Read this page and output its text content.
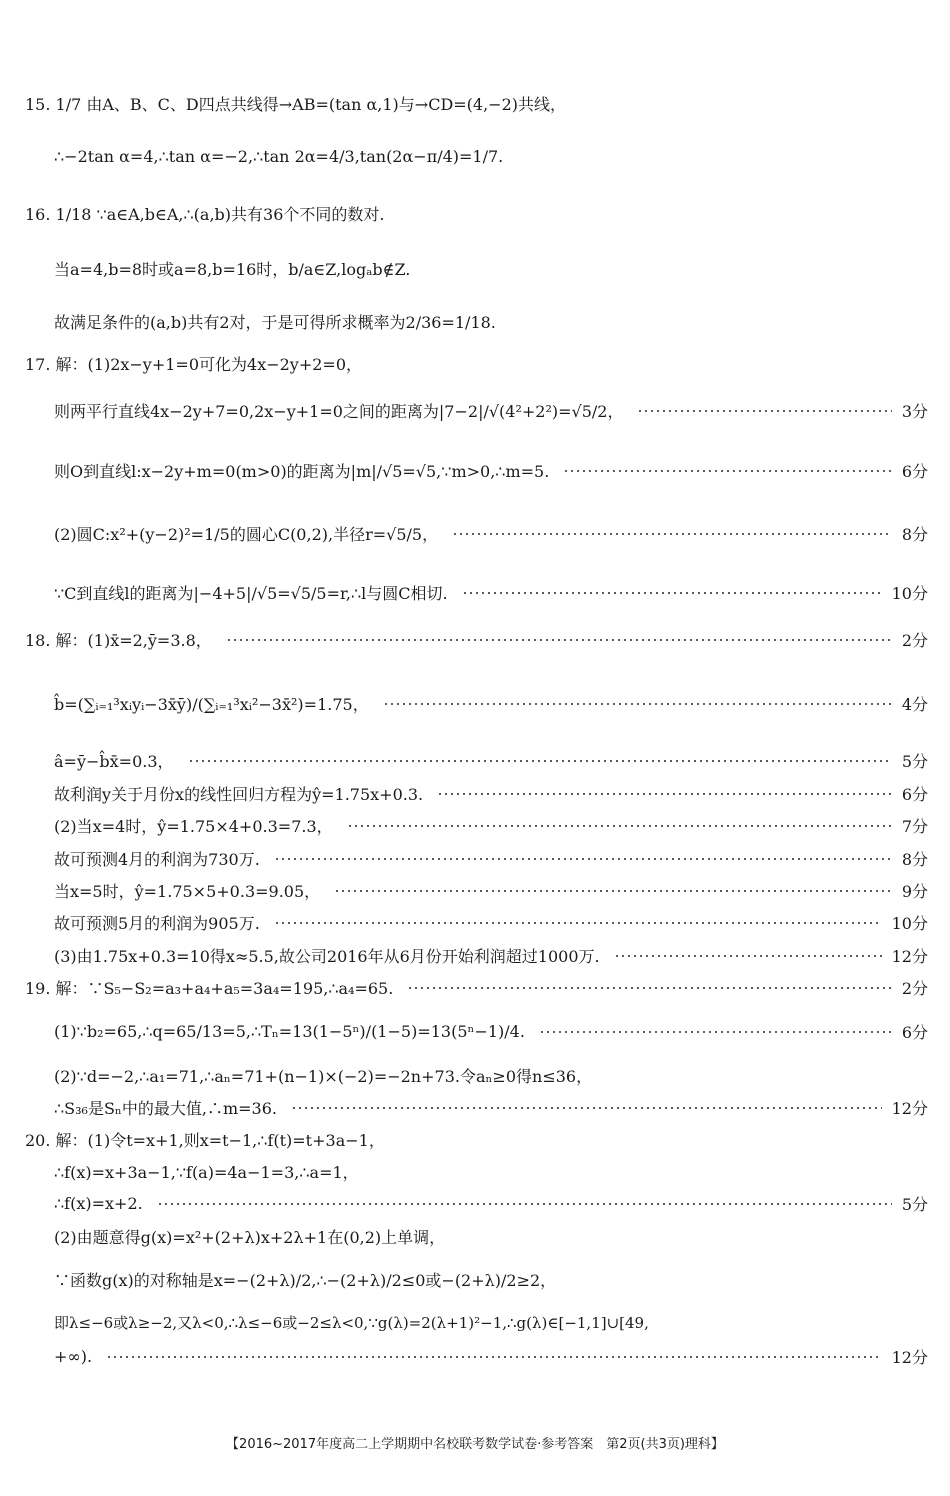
15. 1/7 由A、B、C、D四点共线得→AB=(tan α,1)与→CD=(4,−2)共线，
∴−2tan α=4,∴tan α=−2,∴tan 2α=4/3,tan(2α−π/4)=1/7.
16. 1/18 ∵a∈A,b∈A,∴(a,b)共有36个不同的数对.
当a=4,b=8时或a=8,b=16时，b/a∈Z,logₐb∉Z.
故满足条件的(a,b)共有2对，于是可得所求概率为2/36=1/18.
17. 解：(1)2x−y+1=0可化为4x−2y+2=0，
则两平行直线4x−2y+7=0,2x−y+1=0之间的距离为|7−2|/√(4²+2²)=√5/2，	3分
则O到直线l:x−2y+m=0(m>0)的距离为|m|/√5=√5,∵m>0,∴m=5.	6分
(2)圆C:x²+(y−2)²=1/5的圆心C(0,2),半径r=√5/5，	8分
∵C到直线l的距离为|−4+5|/√5=√5/5=r,∴l与圆C相切.	10分
18. 解：(1)x̄=2,ȳ=3.8，	2分
b̂=(∑ᵢ₌₁³xᵢyᵢ−3x̄ȳ)/(∑ᵢ₌₁³xᵢ²−3x̄²)=1.75，	4分
â=ȳ−b̂x̄=0.3，	5分
故利润y关于月份x的线性回归方程为ŷ=1.75x+0.3.	6分
(2)当x=4时，ŷ=1.75×4+0.3=7.3，	7分
故可预测4月的利润为730万.	8分
当x=5时，ŷ=1.75×5+0.3=9.05，	9分
故可预测5月的利润为905万.	10分
(3)由1.75x+0.3=10得x≈5.5,故公司2016年从6月份开始利润超过1000万.	12分
19. 解：∵S₅−S₂=a₃+a₄+a₅=3a₄=195,∴a₄=65.	2分
(1)∵b₂=65,∴q=65/13=5,∴Tₙ=13(1−5ⁿ)/(1−5)=13(5ⁿ−1)/4.	6分
(2)∵d=−2,∴a₁=71,∴aₙ=71+(n−1)×(−2)=−2n+73.令aₙ≥0得n≤36，
∴S₃₆是Sₙ中的最大值,∴m=36.	12分
20. 解：(1)令t=x+1,则x=t−1,∴f(t)=t+3a−1，
∴f(x)=x+3a−1,∵f(a)=4a−1=3,∴a=1，
∴f(x)=x+2.	5分
(2)由题意得g(x)=x²+(2+λ)x+2λ+1在(0,2)上单调，
∵函数g(x)的对称轴是x=−(2+λ)/2,∴−(2+λ)/2≤0或−(2+λ)/2≥2，
即λ≤−6或λ≥−2,又λ<0,∴λ≤−6或−2≤λ<0,∵g(λ)=2(λ+1)²−1,∴g(λ)∈[−1,1]∪[49,
+∞).	12分
【2016~2017年度高二上学期期中名校联考数学试卷·参考答案　第2页(共3页)理科】
